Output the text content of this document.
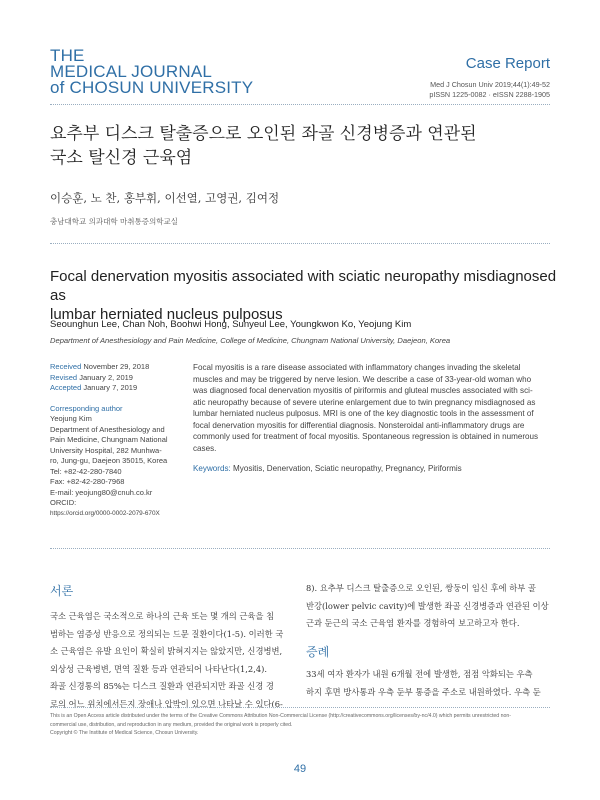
THE
MEDICAL JOURNAL
of CHOSUN UNIVERSITY
Case Report
Med J Chosun Univ 2019;44(1):49-52
pISSN 1225-0082 · eISSN 2288-1905
요추부 디스크 탈출증으로 오인된 좌골 신경병증과 연관된
국소 탈신경 근육염
이승훈, 노 찬, 홍부휘, 이선열, 고영권, 김여정
충남대학교 의과대학 마취통증의학교실
Focal denervation myositis associated with sciatic neuropathy misdiagnosed as
lumbar herniated nucleus pulposus
Seounghun Lee, Chan Noh, Boohwi Hong, Sunyeul Lee, Youngkwon Ko, Yeojung Kim
Department of Anesthesiology and Pain Medicine, College of Medicine, Chungnam National University, Daejeon, Korea
Received November 29, 2018
Revised January 2, 2019
Accepted January 7, 2019
Corresponding author
Yeojung Kim
Department of Anesthesiology and
Pain Medicine, Chungnam National
University Hospital, 282 Munhwa-
ro, Jung-gu, Daejeon 35015, Korea
Tel: +82-42-280-7840
Fax: +82-42-280-7968
E-mail: yeojung80@cnuh.co.kr
ORCID:
https://orcid.org/0000-0002-2079-670X
Focal myositis is a rare disease associated with inflammatory changes invading the skeletal
muscles and may be triggered by nerve lesion. We describe a case of 33-year-old woman who
was diagnosed focal denervation myositis of piriformis and gluteal muscles associated with sci-
atic neuropathy because of severe uterine enlargement due to twin pregnancy misdiagnosed as
lumbar herniated nucleus pulposus. MRI is one of the key diagnostic tools in the assessment of
focal denervation myositis for differential diagnosis. Nonsteroidal anti-inflammatory drugs are
commonly used for treatment of focal myositis. Spontaneous regression is obtained in numerous
cases.
Keywords: Myositis, Denervation, Sciatic neuropathy, Pregnancy, Piriformis
서론
국소 근육염은 국소적으로 하나의 근육 또는 몇 개의 근육을 침
범하는 염증성 반응으로 정의되는 드문 질환이다(1-5). 이러한 국
소 근육염은 유발 요인이 확실히 밝혀지지는 않았지만, 신경병변,
외상성 근육병변, 면역 질환 등과 연관되어 나타난다(1,2,4).
좌골 신경통의 85%는 디스크 질환과 연관되지만 좌골 신경 경
로의 어느 위치에서든지 장애나 압박이 있으면 나타날 수 있다(6-
8). 요추부 디스크 탈출증으로 오인된, 쌍둥이 임신 후에 하부 골
반강(lower pelvic cavity)에 발생한 좌골 신경병증과 연관된 이상
근과 둔근의 국소 근육염 환자를 경험하여 보고하고자 한다.
증례
33세 여자 환자가 내원 6개월 전에 발생한, 점점 악화되는 우측
하지 후면 방사통과 우측 둔부 통증을 주소로 내원하였다. 우측 둔
This is an Open Access article distributed under the terms of the Creative Commons Attribution Non-Commercial License (http://creativecommons.org/licenses/by-nc/4.0) which permits unrestricted non-
commercial use, distribution, and reproduction in any medium, provided the original work is properly cited.
Copyright © The Institute of Medical Science, Chosun University.
49
